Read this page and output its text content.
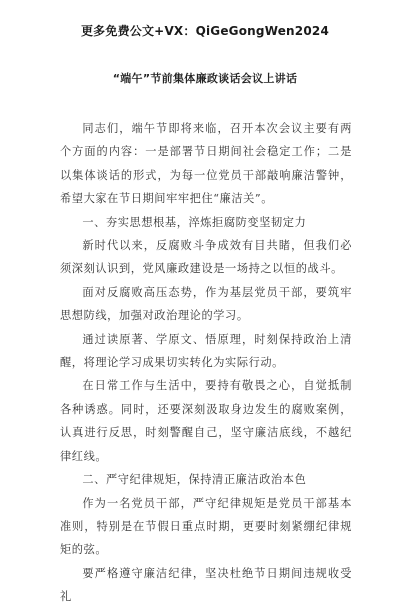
更多免费公文+VX：QiGeGongWen2024
“端午”节前集体廉政谈话会议上讲话

同志们，端午节即将来临，召开本次会议主要有两个方面的内容：一是部署节日期间社会稳定工作；二是以集体谈话的形式，为每一位党员干部敲响廉洁警钟，希望大家在节日期间牢牢把住“廉洁关”。

一、夯实思想根基，淬炼拒腐防变坚韧定力

新时代以来，反腐败斗争成效有目共睹，但我们必须深刻认识到，党风廉政建设是一场持之以恒的战斗。

面对反腐败高压态势，作为基层党员干部，要筑牢思想防线，加强对政治理论的学习。

通过读原著、学原文、悟原理，时刻保持政治上清醒，将理论学习成果切实转化为实际行动。

在日常工作与生活中，要持有敬畏之心，自觉抵制各种诱惑。同时，还要深刻汲取身边发生的腐败案例，认真进行反思，时刻警醒自己，坚守廉洁底线，不越纪律红线。

二、严守纪律规矩，保持清正廉洁政治本色

作为一名党员干部，严守纪律规矩是党员干部基本准则，特别是在节假日重点时期，更要时刻紧绷纪律规矩的弦。

要严格遵守廉洁纪律，坚决杜绝节日期间违规收受礼
